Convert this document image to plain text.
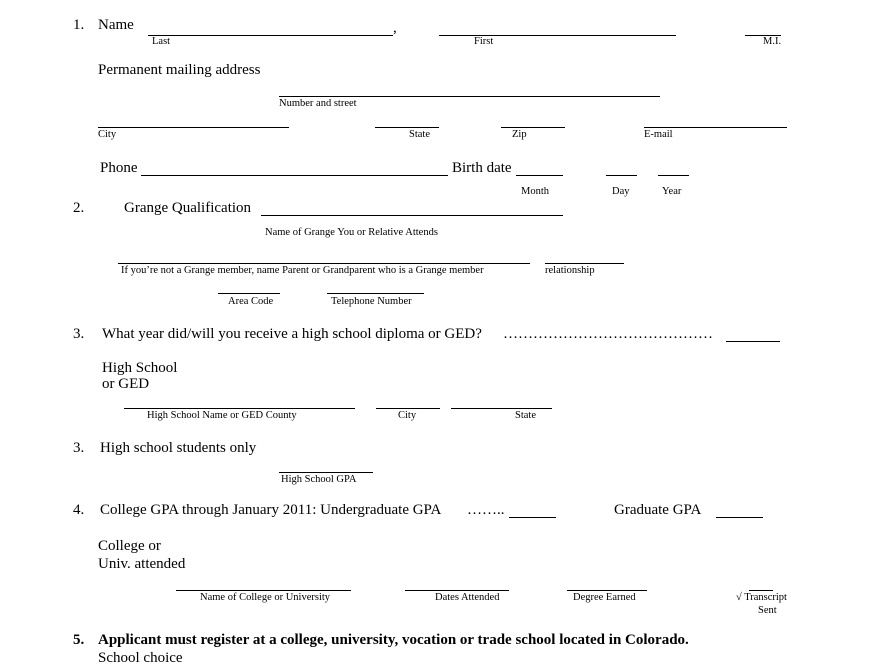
1. Name	,
Last	First	M.I.
Permanent mailing address
Number and street
City	State	Zip	E-mail
Phone	Birth date
Month	Day	Year
2.	Grange Qualification
Name of Grange You or Relative Attends
If you’re not a Grange member, name Parent or Grandparent who is a Grange member	relationship
Area Code	Telephone Number
3. What year did/will you receive a high school diploma or GED? ……………………………………
High School
or GED
High School Name or GED County	City	State
3. High school students only
High School GPA
4. College GPA through January 2011: Undergraduate GPA ……..	Graduate GPA
College or
Univ. attended
Name of College or University	Dates Attended	Degree Earned	√ Transcript
Sent
5. Applicant must register at a college, university, vocation or trade school located in Colorado.
School choice
